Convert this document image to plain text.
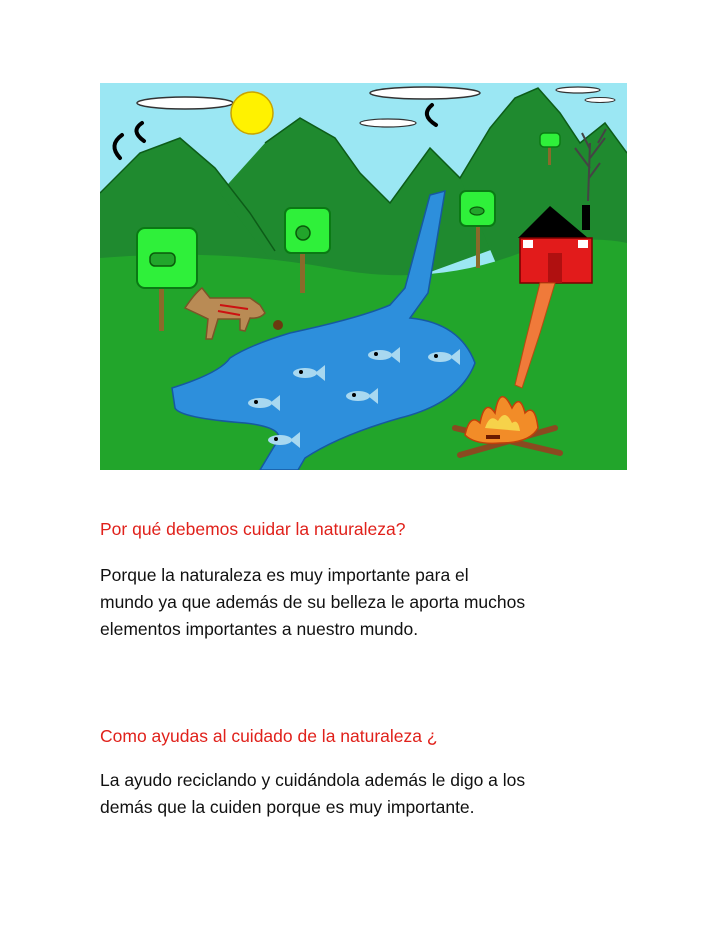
Por qué debemos cuidar la naturaleza?

Porque la naturaleza es muy importante para el

mundo ya que además de su belleza le aporta muchos

elementos importantes a nuestro mundo.

Como ayudas al cuidado de la naturaleza ¿

La ayudo reciclando y cuidándola además le digo a los

demás que la cuiden porque es muy importante.
